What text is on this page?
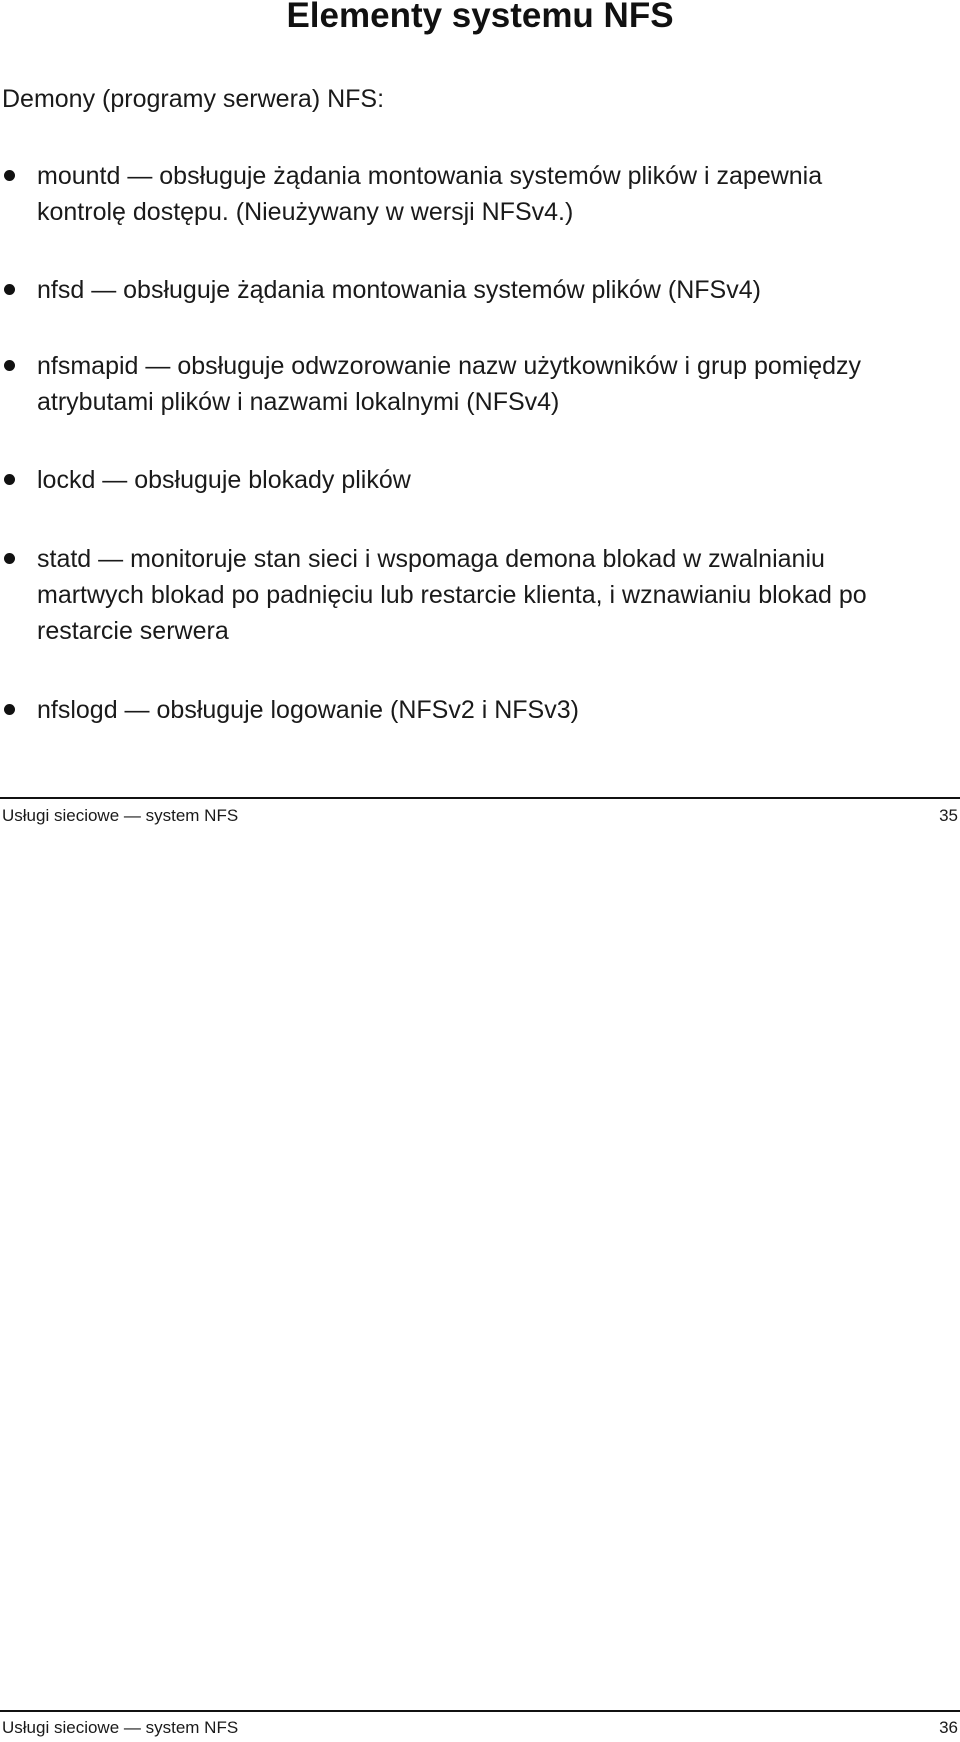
Elementy systemu NFS
Demony (programy serwera) NFS:
mountd — obsługuje żądania montowania systemów plików i zapewnia
kontrolę dostępu. (Nieużywany w wersji NFSv4.)
nfsd — obsługuje żądania montowania systemów plików (NFSv4)
nfsmapid — obsługuje odwzorowanie nazw użytkowników i grup pomiędzy
atrybutami plików i nazwami lokalnymi (NFSv4)
lockd — obsługuje blokady plików
statd — monitoruje stan sieci i wspomaga demona blokad w zwalnianiu
martwych blokad po padnięciu lub restarcie klienta, i wznawianiu blokad po
restarcie serwera
nfslogd — obsługuje logowanie (NFSv2 i NFSv3)
Usługi sieciowe — system NFS	35
Usługi sieciowe — system NFS	36
